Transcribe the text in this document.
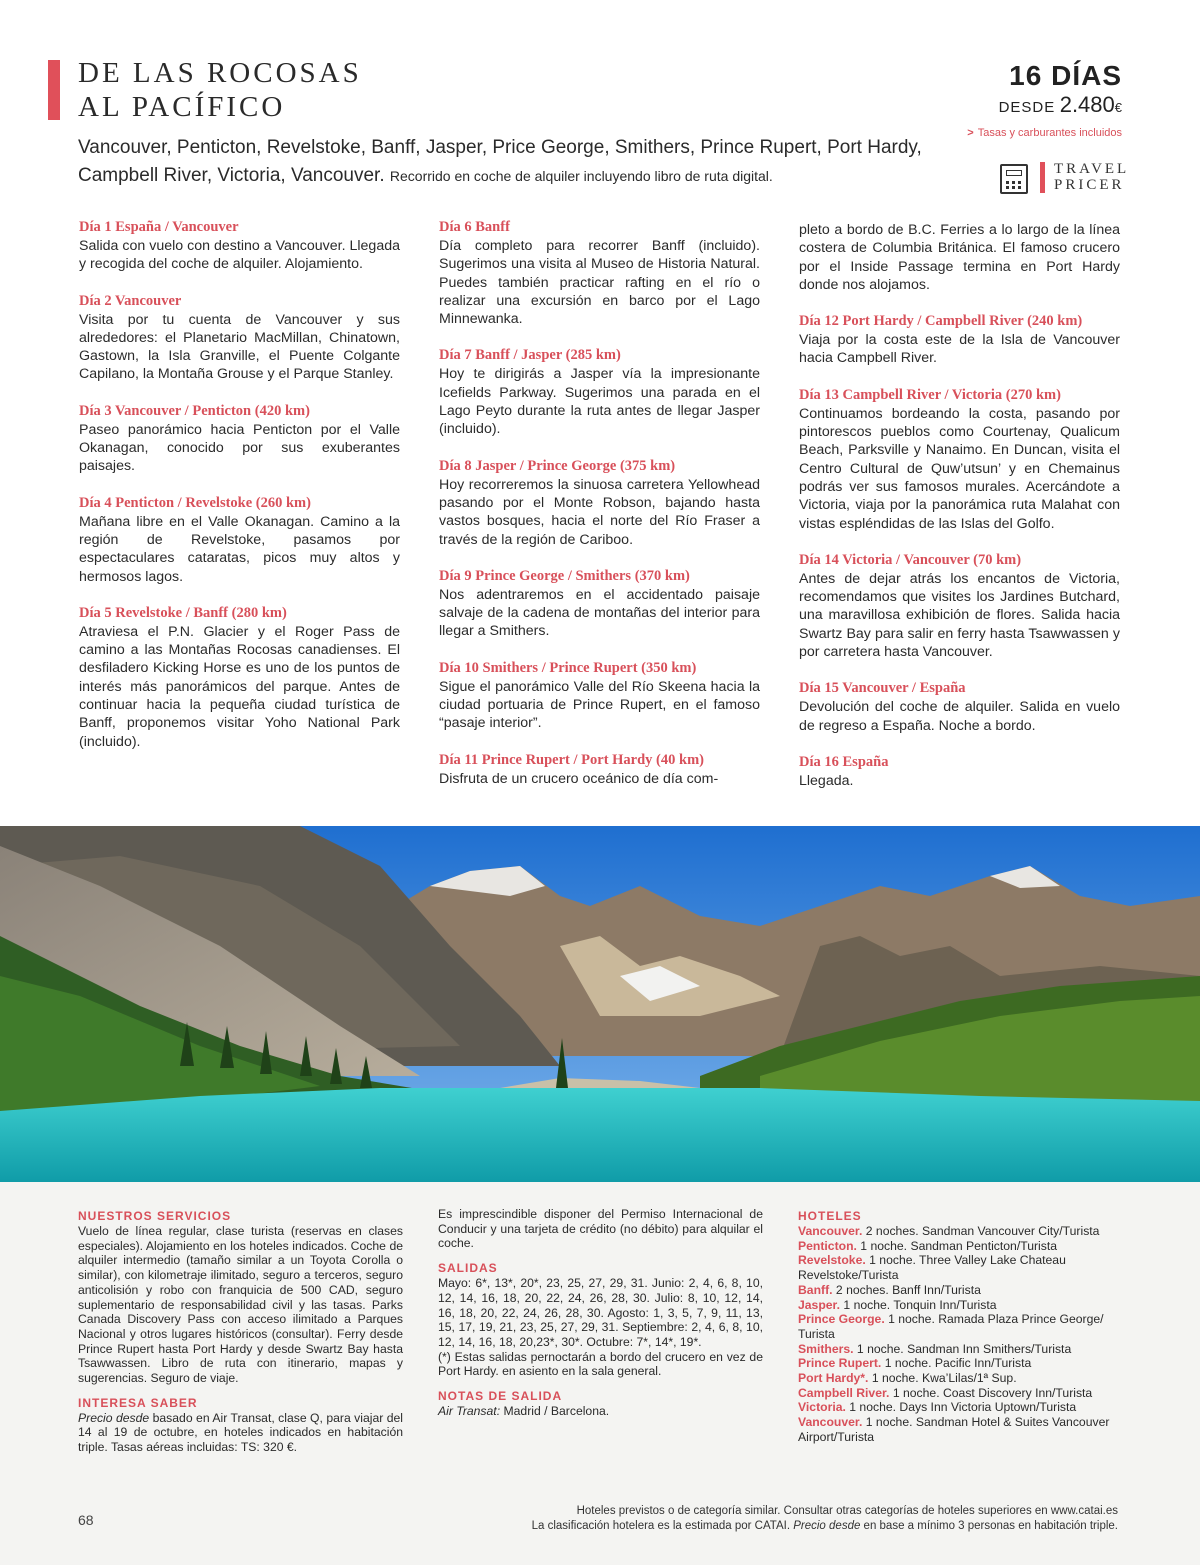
DE LAS ROCOSAS
AL PACÍFICO
16 DÍAS
DESDE 2.480€
> Tasas y carburantes incluidos
TRAVEL
PRICER
Vancouver, Penticton, Revelstoke, Banff, Jasper, Price George, Smithers, Prince Rupert, Port Hardy, Campbell River, Victoria, Vancouver. Recorrido en coche de alquiler incluyendo libro de ruta digital.
Día 1 España / Vancouver

Salida con vuelo con destino a Vancouver. Llegada y recogida del coche de alquiler. Alojamiento.

Día 2 Vancouver

Visita por tu cuenta de Vancouver y sus alrededores: el Planetario MacMillan, Chinatown, Gastown, la Isla Granville, el Puente Colgante Capilano, la Montaña Grouse y el Parque Stanley.

Día 3 Vancouver / Penticton (420 km)

Paseo panorámico hacia Penticton por el Valle Okanagan, conocido por sus exuberantes paisajes.

Día 4 Penticton / Revelstoke (260 km)

Mañana libre en el Valle Okanagan. Camino a la región de Revelstoke, pasamos por espectaculares cataratas, picos muy altos y hermosos lagos.

Día 5 Revelstoke / Banff (280 km)

Atraviesa el P.N. Glacier y el Roger Pass de camino a las Montañas Rocosas canadienses. El desfiladero Kicking Horse es uno de los puntos de interés más panorámicos del parque. Antes de continuar hacia la pequeña ciudad turística de Banff, proponemos visitar Yoho National Park (incluido).

Día 6 Banff

Día completo para recorrer Banff (incluido). Sugerimos una visita al Museo de Historia Natural. Puedes también practicar rafting en el río o realizar una excursión en barco por el Lago Minnewanka.

Día 7 Banff / Jasper (285 km)

Hoy te dirigirás a Jasper vía la impresionante Icefields Parkway. Sugerimos una parada en el Lago Peyto durante la ruta antes de llegar Jasper (incluido).

Día 8 Jasper / Prince George (375 km)

Hoy recorreremos la sinuosa carretera Yellowhead pasando por el Monte Robson, bajando hasta vastos bosques, hacia el norte del Río Fraser a través de la región de Cariboo.

Día 9 Prince George / Smithers (370 km)

Nos adentraremos en el accidentado paisaje salvaje de la cadena de montañas del interior para llegar a Smithers.

Día 10 Smithers / Prince Rupert (350 km)

Sigue el panorámico Valle del Río Skeena hacia la ciudad portuaria de Prince Rupert, en el famoso “pasaje interior”.

Día 11 Prince Rupert / Port Hardy (40 km)

Disfruta de un crucero oceánico de día com-

pleto a bordo de B.C. Ferries a lo largo de la línea costera de Columbia Británica. El famoso crucero por el Inside Passage termina en Port Hardy donde nos alojamos.

Día 12 Port Hardy / Campbell River (240 km)

Viaja por la costa este de la Isla de Vancouver hacia Campbell River.

Día 13 Campbell River / Victoria (270 km)

Continuamos bordeando la costa, pasando por pintorescos pueblos como Courtenay, Qualicum Beach, Parksville y Nanaimo. En Duncan, visita el Centro Cultural de Quw’utsun’ y en Chemainus podrás ver sus famosos murales. Acercándote a Victoria, viaja por la panorámica ruta Malahat con vistas espléndidas de las Islas del Golfo.

Día 14 Victoria / Vancouver (70 km)

Antes de dejar atrás los encantos de Victoria, recomendamos que visites los Jardines Butchard, una maravillosa exhibición de flores. Salida hacia Swartz Bay para salir en ferry hasta Tsawwassen y por carretera hasta Vancouver.

Día 15 Vancouver / España

Devolución del coche de alquiler. Salida en vuelo de regreso a España. Noche a bordo.

Día 16 España

Llegada.

NUESTROS SERVICIOS

Vuelo de línea regular, clase turista (reservas en clases especiales). Alojamiento en los hoteles indicados. Coche de alquiler intermedio (tamaño similar a un Toyota Corolla o similar), con kilometraje ilimitado, seguro a terceros, seguro anticolisión y robo con franquicia de 500 CAD, seguro suplementario de responsabilidad civil y las tasas. Parks Canada Discovery Pass con acceso ilimitado a Parques Nacional y otros lugares históricos (consultar). Ferry desde Prince Rupert hasta Port Hardy y desde Swartz Bay hasta Tsawwassen. Libro de ruta con itinerario, mapas y sugerencias. Seguro de viaje.

INTERESA SABER

Precio desde basado en Air Transat, clase Q, para viajar del 14 al 19 de octubre, en hoteles indicados en habitación triple. Tasas aéreas incluidas: TS: 320 €.

Es imprescindible disponer del Permiso Internacional de Conducir y una tarjeta de crédito (no débito) para alquilar el coche.

SALIDAS

Mayo: 6*, 13*, 20*, 23, 25, 27, 29, 31. Junio: 2, 4, 6, 8, 10, 12, 14, 16, 18, 20, 22, 24, 26, 28, 30. Julio: 8, 10, 12, 14, 16, 18, 20, 22, 24, 26, 28, 30. Agosto: 1, 3, 5, 7, 9, 11, 13, 15, 17, 19, 21, 23, 25, 27, 29, 31. Septiembre: 2, 4, 6, 8, 10, 12, 14, 16, 18, 20,23*, 30*. Octubre: 7*, 14*, 19*.

(*) Estas salidas pernoctarán a bordo del crucero en vez de Port Hardy. en asiento en la sala general.

NOTAS DE SALIDA

Air Transat: Madrid / Barcelona.

HOTELES
Vancouver. 2 noches. Sandman Vancouver City/Turista
Penticton. 1 noche. Sandman Penticton/Turista
Revelstoke. 1 noche. Three Valley Lake Chateau Revelstoke/Turista
Banff. 2 noches. Banff Inn/Turista
Jasper. 1 noche. Tonquin Inn/Turista
Prince George. 1 noche. Ramada Plaza Prince George/ Turista
Smithers. 1 noche. Sandman Inn Smithers/Turista
Prince Rupert. 1 noche. Pacific Inn/Turista
Port Hardy*. 1 noche. Kwa’Lilas/1ª Sup.
Campbell River. 1 noche. Coast Discovery Inn/Turista
Victoria. 1 noche. Days Inn Victoria Uptown/Turista
Vancouver. 1 noche. Sandman Hotel & Suites Vancouver Airport/Turista
68
Hoteles previstos o de categoría similar. Consultar otras categorías de hoteles superiores en www.catai.es
La clasificación hotelera es la estimada por CATAI. Precio desde en base a mínimo 3 personas en habitación triple.
